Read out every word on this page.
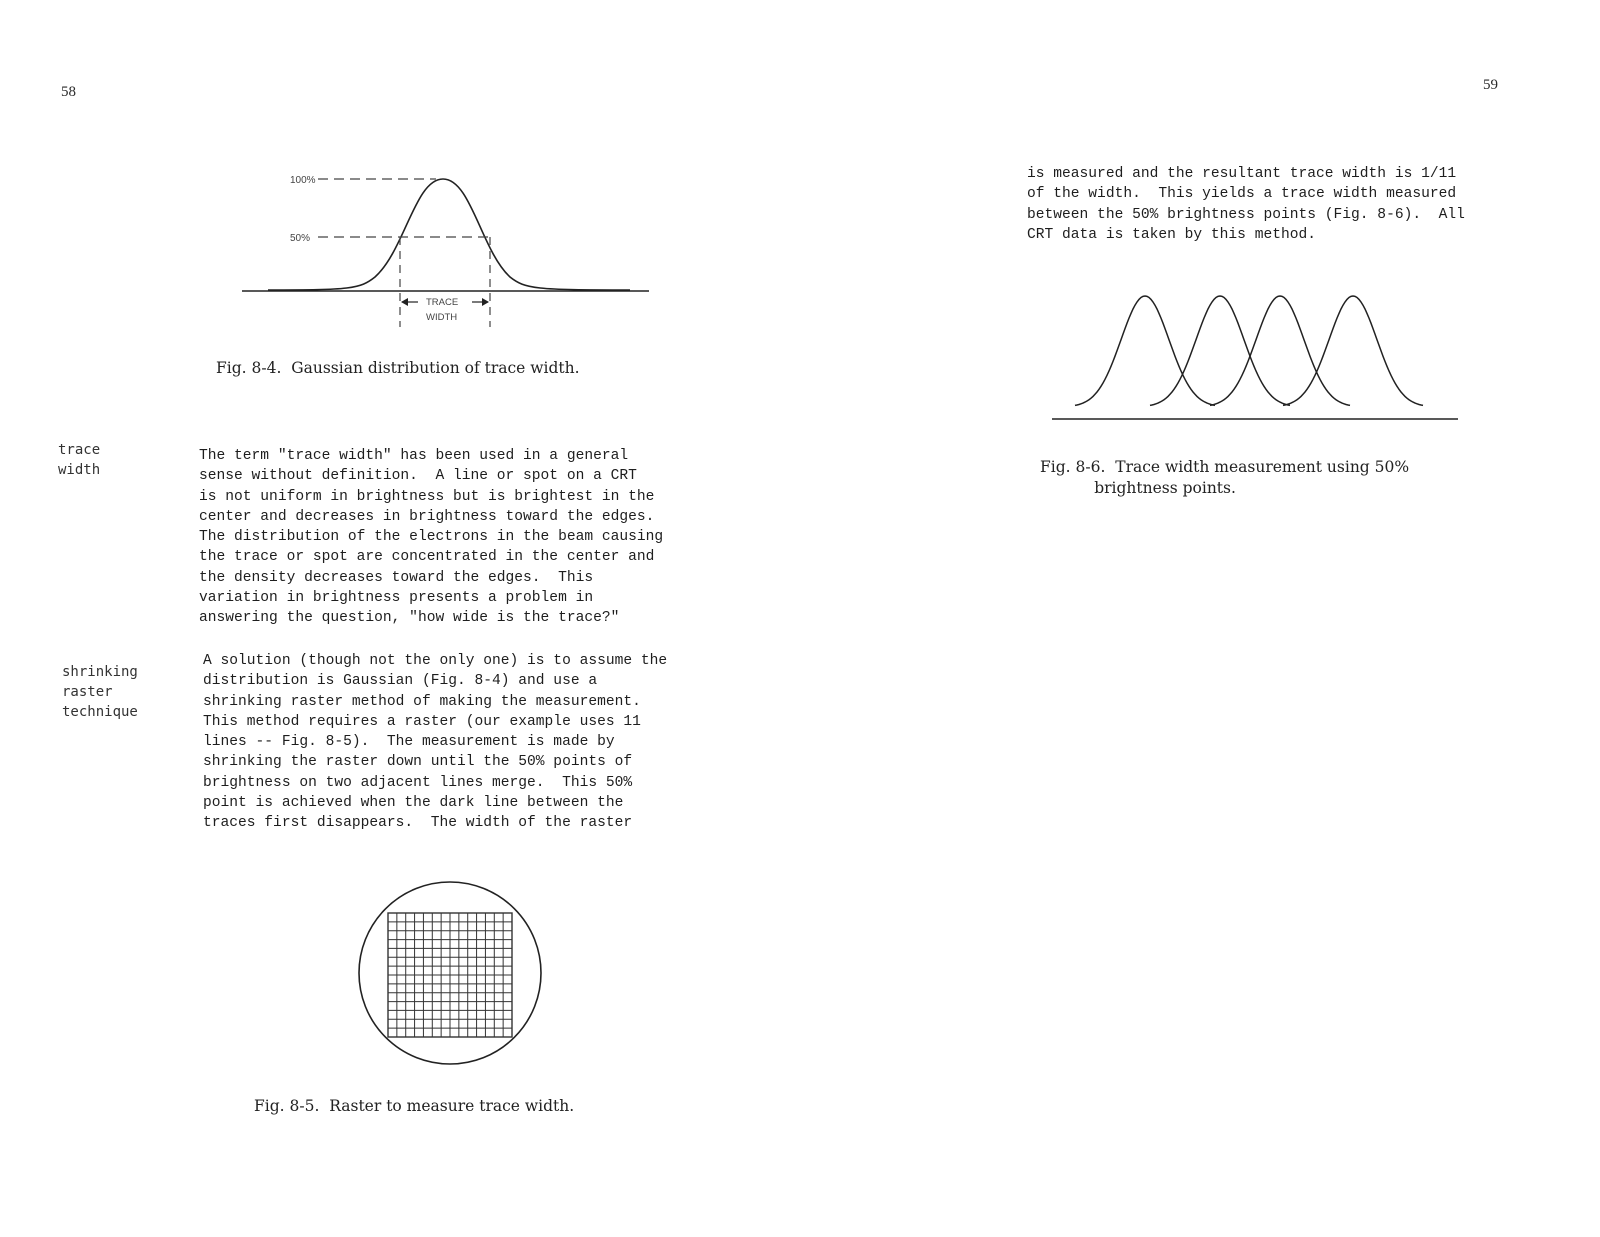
58
100%
50%
TRACE
WIDTH
Fig. 8-4.  Gaussian distribution of trace width.
trace
width
The term "trace width" has been used in a general
sense without definition.  A line or spot on a CRT
is not uniform in brightness but is brightest in the
center and decreases in brightness toward the edges.
The distribution of the electrons in the beam causing
the trace or spot are concentrated in the center and
the density decreases toward the edges.  This
variation in brightness presents a problem in
answering the question, "how wide is the trace?"
shrinking
raster
technique
A solution (though not the only one) is to assume the
distribution is Gaussian (Fig. 8-4) and use a
shrinking raster method of making the measurement.
This method requires a raster (our example uses 11
lines -- Fig. 8-5).  The measurement is made by
shrinking the raster down until the 50% points of
brightness on two adjacent lines merge.  This 50%
point is achieved when the dark line between the
traces first disappears.  The width of the raster
Fig. 8-5.  Raster to measure trace width.
59
is measured and the resultant trace width is 1/11
of the width.  This yields a trace width measured
between the 50% brightness points (Fig. 8-6).  All
CRT data is taken by this method.
Fig. 8-6.  Trace width measurement using 50%
brightness points.
